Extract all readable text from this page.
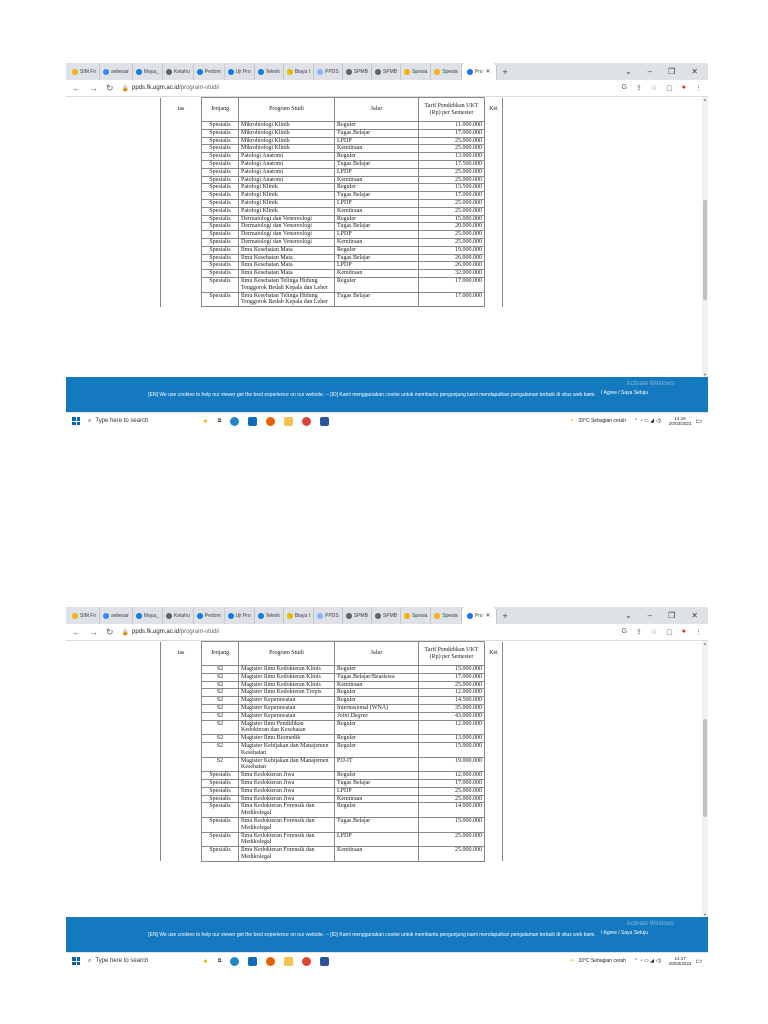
SIM Fir	sebesar	Maya_	Ketahu	Pedom	Uji Pro	Teknik	Biaya I	PPDS	SPMB	SPMB	Spesia	Spesia	Pro ✕ +	⌄ – ❐ ✕
← → ↻ 🔒 ppds.fk.ugm.ac.id /program-studi/	G ⇪ ☆ ▢ ● ⋮
tas	Jenjang	Program Studi	Jalur	Tarif Pendidikan UKT (Rp) per Semester	Ket
	Spesialis	Mikrobiologi Klinik	Reguler	11.000.000	
	Spesialis	Mikrobiologi Klinik	Tugas Belajar	17.000.000	
	Spesialis	Mikrobiologi Klinik	LPDP	25.000.000	
	Spesialis	Mikrobiologi Klinik	Kemitraan	25.000.000	
	Spesialis	Patologi Anatomi	Reguler	13.000.000	
	Spesialis	Patologi Anatomi	Tugas Belajar	17.500.000	
	Spesialis	Patologi Anatomi	LPDP	25.000.000	
	Spesialis	Patologi Anatomi	Kemitraan	25.000.000	
	Spesialis	Patologi Klinik	Reguler	13.500.000	
	Spesialis	Patologi Klinik	Tugas Belajar	17.000.000	
	Spesialis	Patologi Klinik	LPDP	25.000.000	
	Spesialis	Patologi Klinik	Kemitraan	25.000.000	
	Spesialis	Dermatologi dan Venereologi	Reguler	15.000.000	
	Spesialis	Dermatologi dan Venereologi	Tugas Belajar	20.000.000	
	Spesialis	Dermatologi dan Venereologi	LPDP	25.000.000	
	Spesialis	Dermatologi dan Venereologi	Kemitraan	25.000.000	
	Spesialis	Ilmu Kesehatan Mata	Reguler	19.000.000	
	Spesialis	Ilmu Kesehatan Mata	Tugas Belajar	26.000.000	
	Spesialis	Ilmu Kesehatan Mata	LPDP	26.000.000	
	Spesialis	Ilmu Kesehatan Mata	Kemitraan	32.000.000	
	Spesialis	Ilmu Kesehatan Telinga Hidung Tenggorok Bedah Kepala dan Leher	Reguler	17.000.000	
	Spesialis	Ilmu Kesehatan Telinga Hidung Tenggorok Bedah Kepala dan Leher	Tugas Belajar	17.000.000	
▲
▼
[EN] We use cookies to help our viewer get the best experience on our website. -- [ID] Kami menggunakan cookie untuk membantu pengunjung kami mendapatkan pengalaman terbaik di situs web kami. I Agree / Saya Setuju
Activate Windows
⌕ Type here to search	✦ ⧉	☀ 33°C Sebagian cerah ⌃ ◔ ▭ ◢ ◁)	14:16
20/03/2023 ▭
SIM Fir	sebesar	Maya_	Ketahu	Pedom	Uji Pro	Teknik	Biaya I	PPDS	SPMB	SPMB	Spesia	Spesia	Pro ✕ +	⌄ – ❐ ✕
← → ↻ 🔒 ppds.fk.ugm.ac.id /program-studi/	G ⇪ ☆ ▢ ● ⋮
tas	Jenjang	Program Studi	Jalur	Tarif Pendidikan UKT (Rp) per Semester	Ket
	S2	Magister Ilmu Kedokteran Klinis	Reguler	15.000.000	
	S2	Magister Ilmu Kedokteran Klinis	Tugas Belajar/Beasiswa	17.000.000	
	S2	Magister Ilmu Kedokteran Klinis	Kemitraan	25.000.000	
	S2	Magister Ilmu Kedokteran Tropis	Reguler	12.000.000	
	S2	Magister Keperawatan	Reguler	14.500.000	
	S2	Magister Keperawatan	Internasional (WNA)	35.000.000	
	S2	Magister Keperawatan	Joint Degree	43.000.000	
	S2	Magister Ilmu Pendidikan Kedokteran dan Kesehatan	Reguler	12.000.000	
	S2	Magister Ilmu Biomedik	Reguler	13.000.000	
	S2	Magister Kebijakan dan Manajemen Kesehatan	Reguler	15.000.000	
	S2	Magister Kebijakan dan Manajemen Kesehatan	PJJ-IT	19.000.000	
	Spesialis	Ilmu Kedokteran Jiwa	Reguler	12.000.000	
	Spesialis	Ilmu Kedokteran Jiwa	Tugas Belajar	17.000.000	
	Spesialis	Ilmu Kedokteran Jiwa	LPDP	25.000.000	
	Spesialis	Ilmu Kedokteran Jiwa	Kemitraan	25.000.000	
	Spesialis	Ilmu Kedokteran Forensik dan Medikolegal	Reguler	14.000.000	
	Spesialis	Ilmu Kedokteran Forensik dan Medikolegal	Tugas Belajar	15.000.000	
	Spesialis	Ilmu Kedokteran Forensik dan Medikolegal	LPDP	25.000.000	
	Spesialis	Ilmu Kedokteran Forensik dan Medikolegal	Kemitraan	25.000.000	
▲
▼
[EN] We use cookies to help our viewer get the best experience on our website. -- [ID] Kami menggunakan cookie untuk membantu pengunjung kami mendapatkan pengalaman terbaik di situs web kami. I Agree / Saya Setuju
Activate Windows
⌕ Type here to search	✦ ⧉	☀ 33°C Sebagian cerah ⌃ ◔ ▭ ◢ ◁)	14:17
20/03/2023 ▭
